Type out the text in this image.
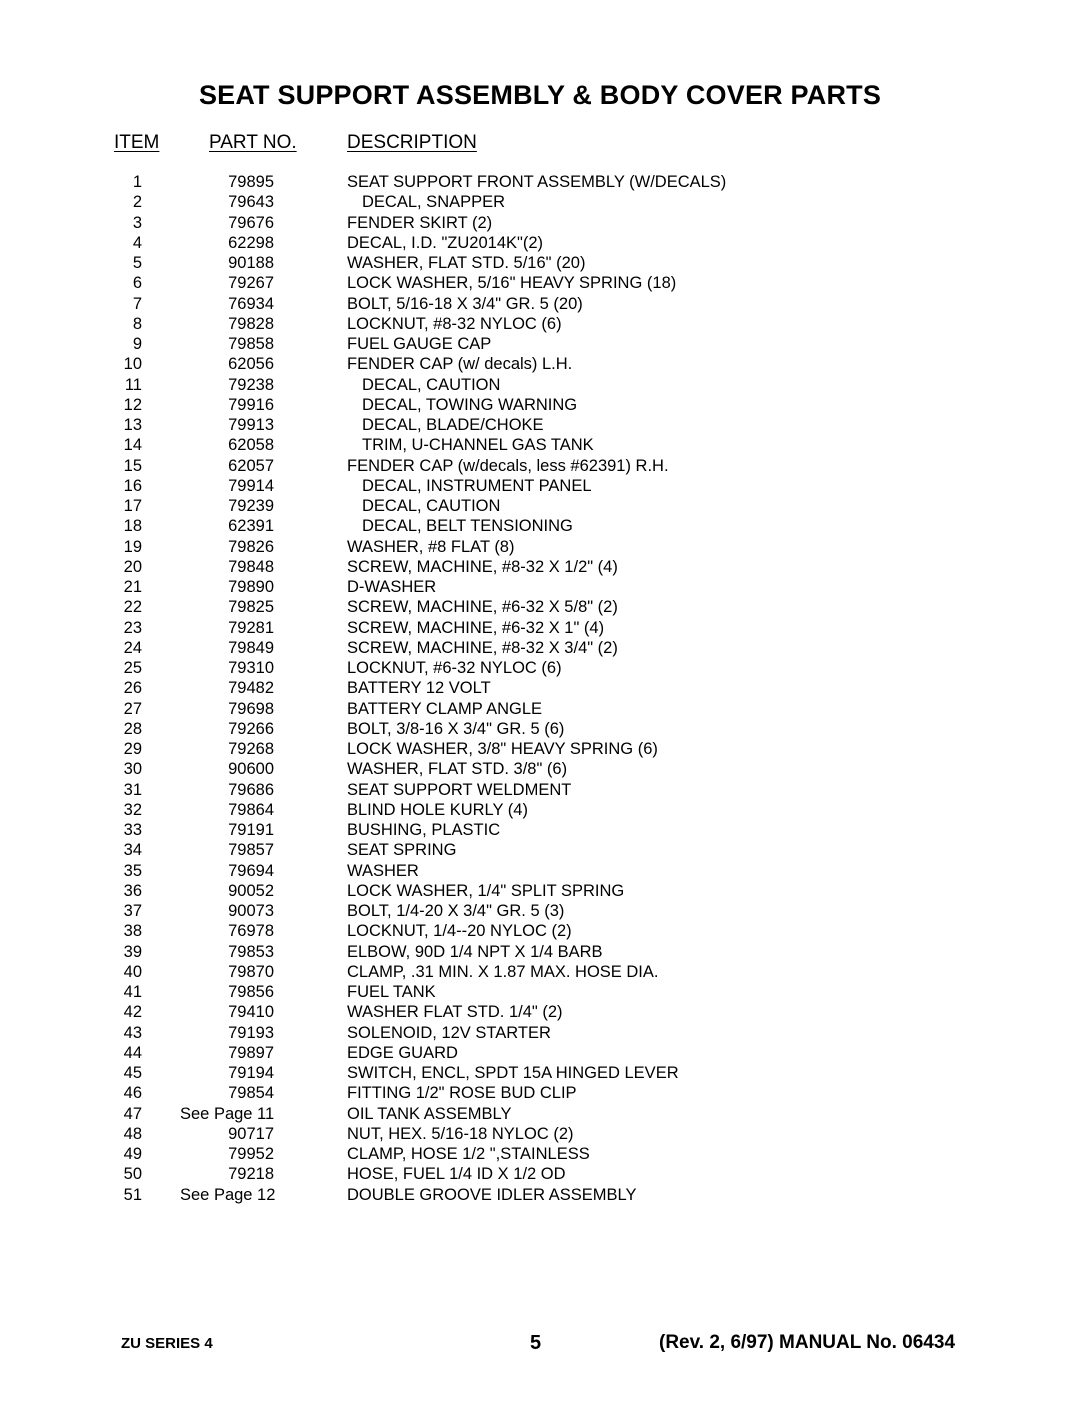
SEAT SUPPORT ASSEMBLY & BODY COVER PARTS
ITEM	PART NO.	DESCRIPTION
1	79895	SEAT SUPPORT FRONT ASSEMBLY (W/DECALS)
2	79643	DECAL, SNAPPER
3	79676	FENDER SKIRT (2)
4	62298	DECAL, I.D. "ZU2014K"(2)
5	90188	WASHER, FLAT STD. 5/16" (20)
6	79267	LOCK WASHER, 5/16" HEAVY SPRING (18)
7	76934	BOLT, 5/16-18 X 3/4" GR. 5 (20)
8	79828	LOCKNUT, #8-32 NYLOC (6)
9	79858	FUEL GAUGE CAP
10	62056	FENDER CAP (w/ decals) L.H.
11	79238	DECAL, CAUTION
12	79916	DECAL, TOWING WARNING
13	79913	DECAL, BLADE/CHOKE
14	62058	TRIM, U-CHANNEL GAS TANK
15	62057	FENDER CAP (w/decals, less #62391) R.H.
16	79914	DECAL, INSTRUMENT PANEL
17	79239	DECAL, CAUTION
18	62391	DECAL, BELT TENSIONING
19	79826	WASHER, #8 FLAT (8)
20	79848	SCREW, MACHINE, #8-32 X 1/2" (4)
21	79890	D-WASHER
22	79825	SCREW, MACHINE, #6-32 X 5/8" (2)
23	79281	SCREW, MACHINE, #6-32 X 1" (4)
24	79849	SCREW, MACHINE, #8-32 X 3/4" (2)
25	79310	LOCKNUT, #6-32 NYLOC (6)
26	79482	BATTERY 12 VOLT
27	79698	BATTERY CLAMP ANGLE
28	79266	BOLT, 3/8-16 X 3/4" GR. 5 (6)
29	79268	LOCK WASHER, 3/8" HEAVY SPRING (6)
30	90600	WASHER, FLAT STD. 3/8" (6)
31	79686	SEAT SUPPORT WELDMENT
32	79864	BLIND HOLE KURLY (4)
33	79191	BUSHING, PLASTIC
34	79857	SEAT SPRING
35	79694	WASHER
36	90052	LOCK WASHER, 1/4" SPLIT SPRING
37	90073	BOLT, 1/4-20 X 3/4" GR. 5 (3)
38	76978	LOCKNUT, 1/4--20 NYLOC (2)
39	79853	ELBOW, 90D 1/4 NPT X 1/4 BARB
40	79870	CLAMP, .31 MIN. X 1.87 MAX. HOSE DIA.
41	79856	FUEL TANK
42	79410	WASHER FLAT STD. 1/4" (2)
43	79193	SOLENOID, 12V STARTER
44	79897	EDGE GUARD
45	79194	SWITCH, ENCL, SPDT 15A HINGED LEVER
46	79854	FITTING 1/2" ROSE BUD CLIP
47 See Page 11	OIL TANK ASSEMBLY
48	90717	NUT, HEX. 5/16-18 NYLOC (2)
49	79952	CLAMP, HOSE 1/2 ",STAINLESS
50	79218	HOSE, FUEL 1/4 ID X 1/2 OD
51 See Page 12	DOUBLE GROOVE IDLER ASSEMBLY
ZU SERIES 4	5	(Rev. 2, 6/97) MANUAL No. 06434
